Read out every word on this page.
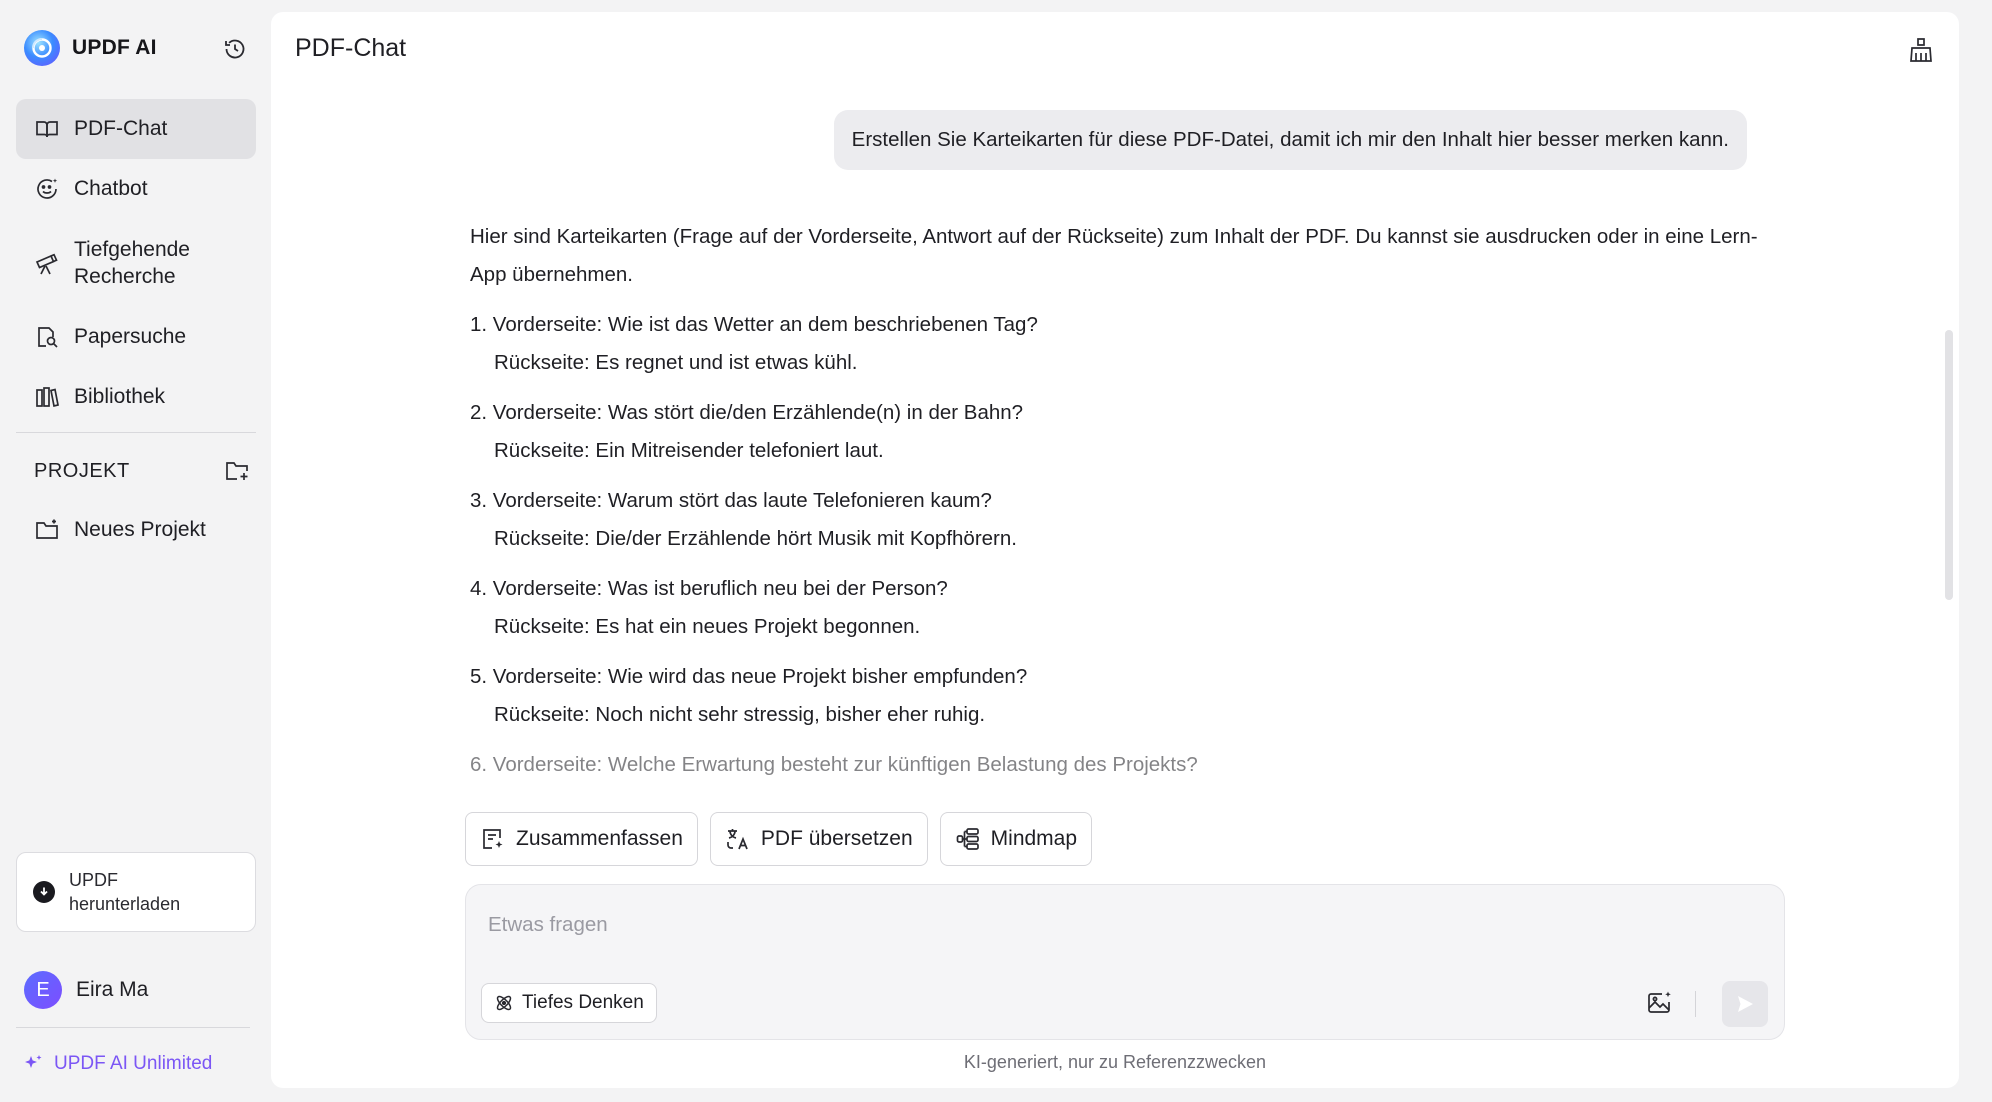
UPDF AI
PDF-Chat
Chatbot
Tiefgehende Recherche
Papersuche
Bibliothek
PROJEKT
Neues Projekt
UPDF
herunterladen
E	Eira Ma
UPDF AI Unlimited
PDF-Chat
Erstellen Sie Karteikarten für diese PDF-Datei, damit ich mir den Inhalt hier besser merken kann.

Hier sind Karteikarten (Frage auf der Vorderseite, Antwort auf der Rückseite) zum Inhalt der PDF. Du kannst sie ausdrucken oder in eine Lern-App übernehmen.

1. Vorderseite: Wie ist das Wetter an dem beschriebenen Tag?
Rückseite: Es regnet und ist etwas kühl.
2. Vorderseite: Was stört die/den Erzählende(n) in der Bahn?
Rückseite: Ein Mitreisender telefoniert laut.
3. Vorderseite: Warum stört das laute Telefonieren kaum?
Rückseite: Die/der Erzählende hört Musik mit Kopfhörern.
4. Vorderseite: Was ist beruflich neu bei der Person?
Rückseite: Es hat ein neues Projekt begonnen.
5. Vorderseite: Wie wird das neue Projekt bisher empfunden?
Rückseite: Noch nicht sehr stressig, bisher eher ruhig.
6. Vorderseite: Welche Erwartung besteht zur künftigen Belastung des Projekts?
Zusammenfassen	PDF übersetzen	Mindmap
Etwas fragen
Tiefes Denken
KI-generiert, nur zu Referenzzwecken
